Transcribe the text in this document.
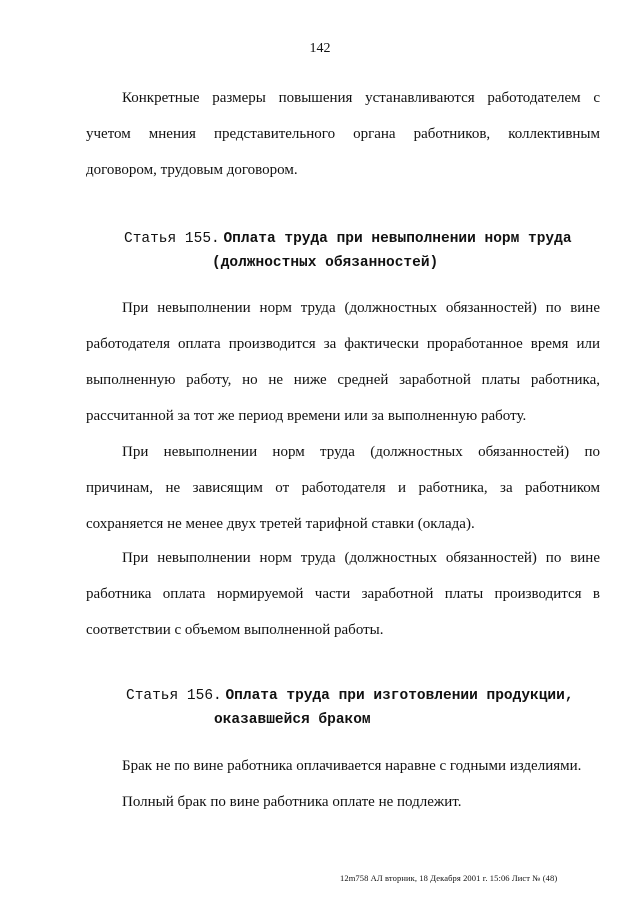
142

Конкретные размеры повышения устанавливаются работодателем с учетом мнения представительного органа работников, коллективным договором, трудовым договором.

Статья 155. Оплата труда при невыполнении норм труда
(должностных обязанностей)

При невыполнении норм труда (должностных обязанностей) по вине работодателя оплата производится за фактически проработанное время или выполненную работу, но не ниже средней заработной платы работника, рассчитанной за тот же период времени или за выполненную работу.

При невыполнении норм труда (должностных обязанностей) по причинам, не зависящим от работодателя и работника, за работником сохраняется не менее двух третей тарифной ставки (оклада).

При невыполнении норм труда (должностных обязанностей) по вине работника оплата нормируемой части заработной платы производится в соответствии с объемом выполненной работы.

Статья 156. Оплата труда при изготовлении продукции,
оказавшейся браком

Брак не по вине работника оплачивается наравне с годными изделиями.

Полный брак по вине работника оплате не подлежит.

12m758 АЛ вторник, 18 Декабря 2001 г. 15:06 Лист № (48)
